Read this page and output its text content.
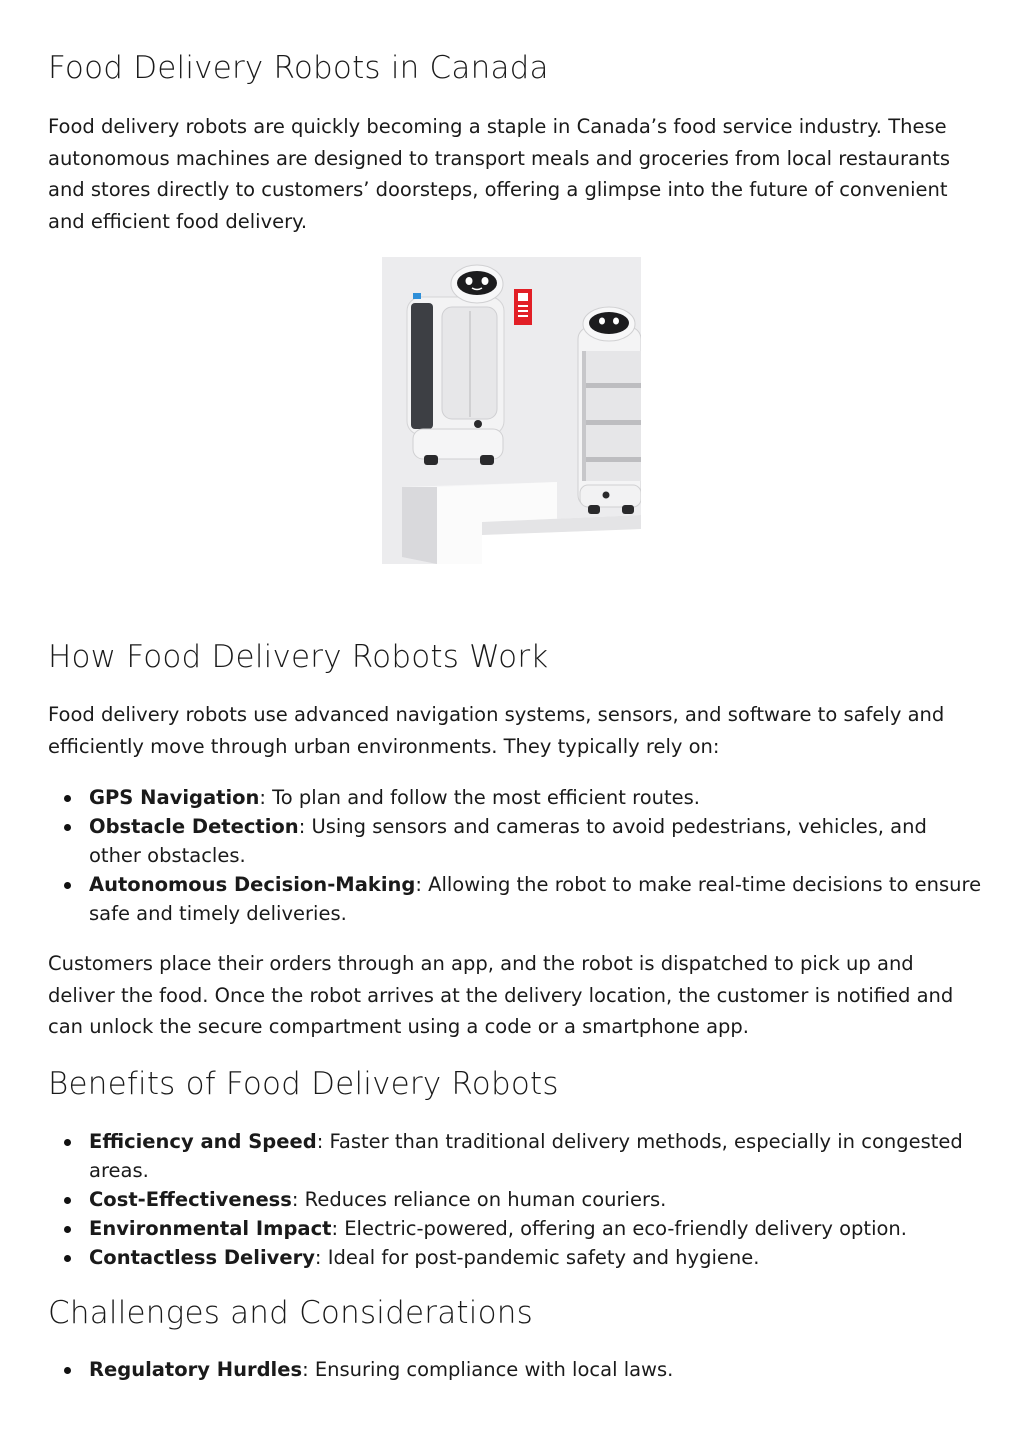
Food Delivery Robots in Canada

Food delivery robots are quickly becoming a staple in Canada’s food service industry. These autonomous machines are designed to transport meals and groceries from local restaurants and stores directly to customers’ doorsteps, offering a glimpse into the future of convenient and efficient food delivery.

How Food Delivery Robots Work

Food delivery robots use advanced navigation systems, sensors, and software to safely and efficiently move through urban environments. They typically rely on:

GPS Navigation: To plan and follow the most efficient routes.
Obstacle Detection: Using sensors and cameras to avoid pedestrians, vehicles, and other obstacles.
Autonomous Decision-Making: Allowing the robot to make real-time decisions to ensure safe and timely deliveries.

Customers place their orders through an app, and the robot is dispatched to pick up and deliver the food. Once the robot arrives at the delivery location, the customer is notified and can unlock the secure compartment using a code or a smartphone app.

Benefits of Food Delivery Robots
Efficiency and Speed: Faster than traditional delivery methods, especially in congested areas.
Cost-Effectiveness: Reduces reliance on human couriers.
Environmental Impact: Electric-powered, offering an eco-friendly delivery option.
Contactless Delivery: Ideal for post-pandemic safety and hygiene.
Challenges and Considerations
Regulatory Hurdles: Ensuring compliance with local laws.
